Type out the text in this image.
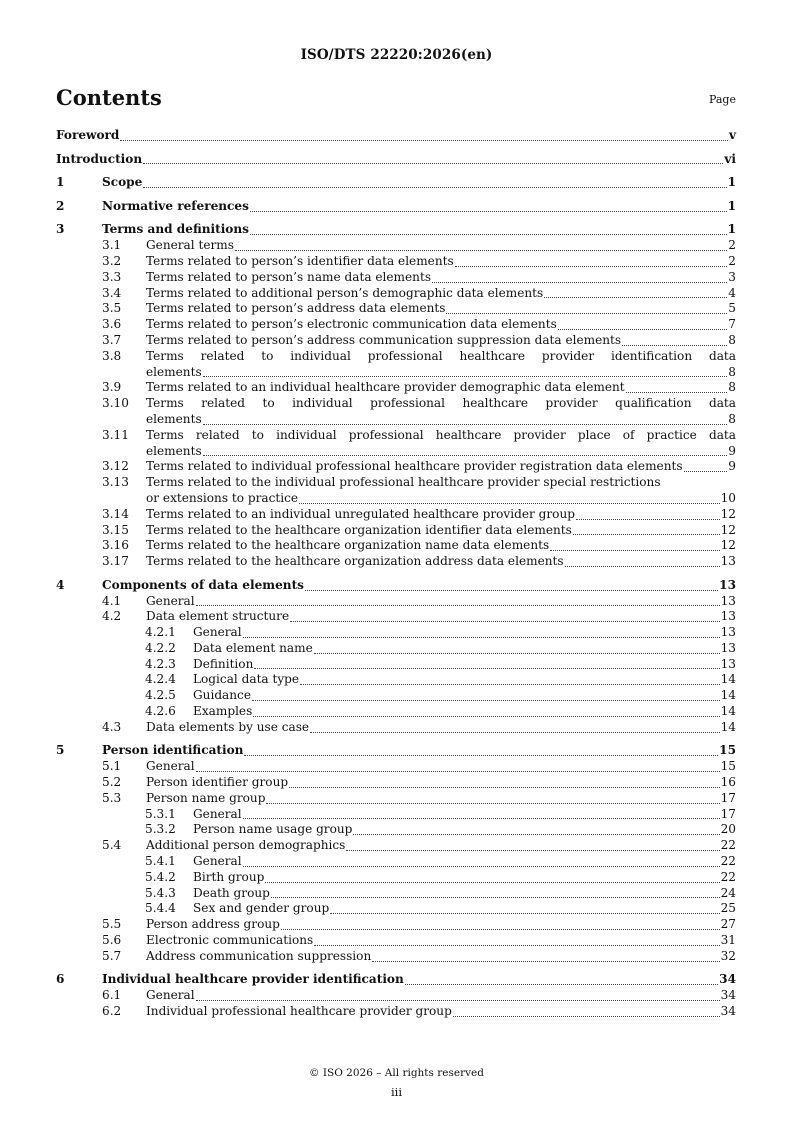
ISO/DTS 22220:2026(en)
Contents	Page
Foreword	v
Introduction	vi
1	Scope	1
2	Normative references	1
3	Terms and definitions	1
3.1	General terms	2
3.2	Terms related to person’s identifier data elements	2
3.3	Terms related to person’s name data elements	3
3.4	Terms related to additional person’s demographic data elements	4
3.5	Terms related to person’s address data elements	5
3.6	Terms related to person’s electronic communication data elements	7
3.7	Terms related to person’s address communication suppression data elements	8
3.8	Terms related to individual professional healthcare provider identification data
elements	8
3.9	Terms related to an individual healthcare provider demographic data element	8
3.10	Terms related to individual professional healthcare provider qualification data
elements	8
3.11	Terms related to individual professional healthcare provider place of practice data
elements	9
3.12	Terms related to individual professional healthcare provider registration data elements	9
3.13	Terms related to the individual professional healthcare provider special restrictions
or extensions to practice	10
3.14	Terms related to an individual unregulated healthcare provider group	12
3.15	Terms related to the healthcare organization identifier data elements	12
3.16	Terms related to the healthcare organization name data elements	12
3.17	Terms related to the healthcare organization address data elements	13
4	Components of data elements	13
4.1	General	13
4.2	Data element structure	13
4.2.1	General	13
4.2.2	Data element name	13
4.2.3	Definition	13
4.2.4	Logical data type	14
4.2.5	Guidance	14
4.2.6	Examples	14
4.3	Data elements by use case	14
5	Person identification	15
5.1	General	15
5.2	Person identifier group	16
5.3	Person name group	17
5.3.1	General	17
5.3.2	Person name usage group	20
5.4	Additional person demographics	22
5.4.1	General	22
5.4.2	Birth group	22
5.4.3	Death group	24
5.4.4	Sex and gender group	25
5.5	Person address group	27
5.6	Electronic communications	31
5.7	Address communication suppression	32
6	Individual healthcare provider identification	34
6.1	General	34
6.2	Individual professional healthcare provider group	34
© ISO 2026 – All rights reserved
iii
